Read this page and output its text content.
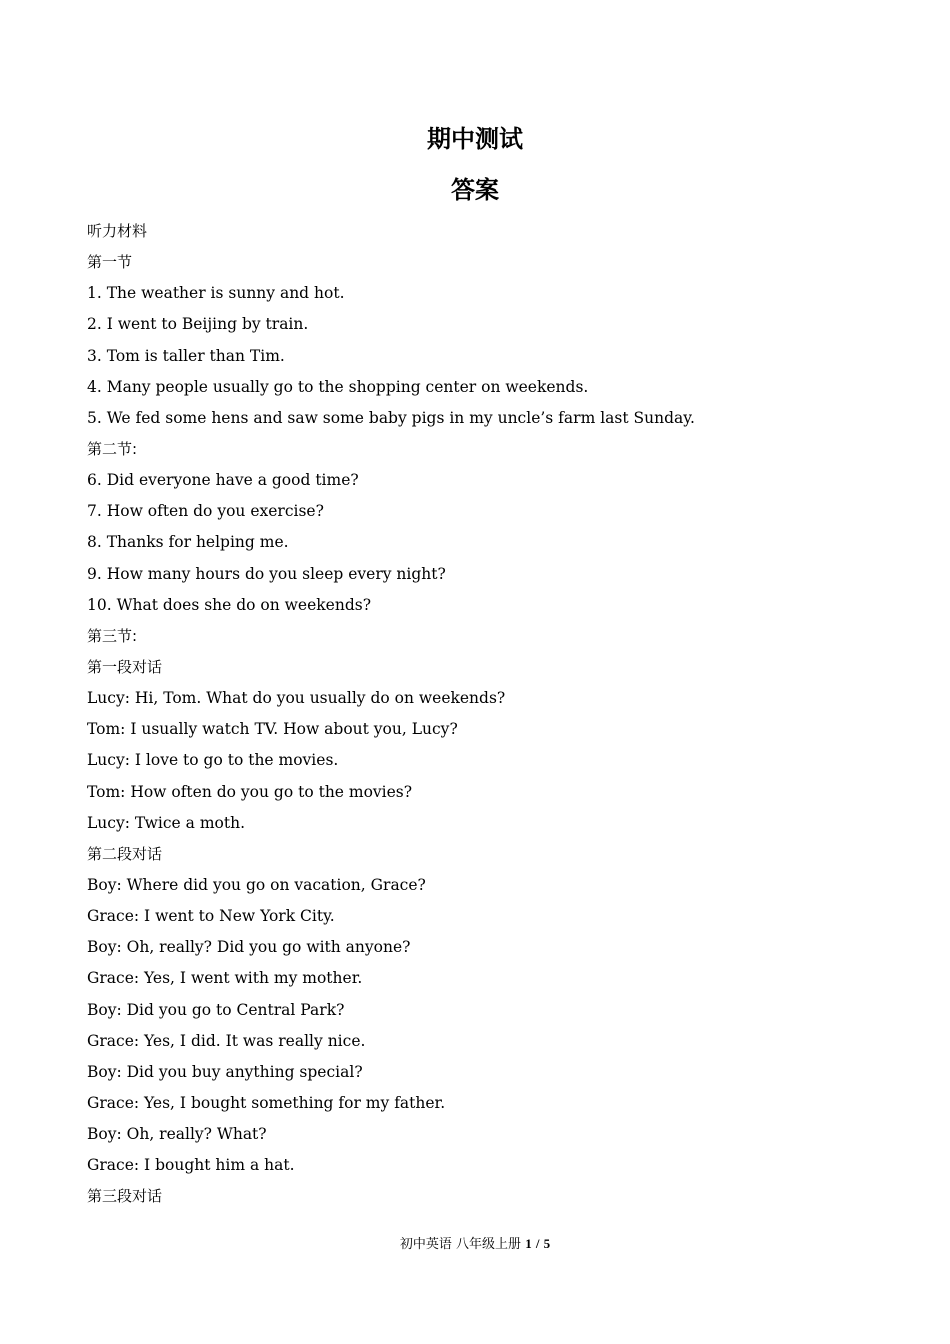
期中测试
答案
听力材料
第一节
1. The weather is sunny and hot.
2. I went to Beijing by train.
3. Tom is taller than Tim.
4. Many people usually go to the shopping center on weekends.
5. We fed some hens and saw some baby pigs in my uncle’s farm last Sunday.
第二节:
6. Did everyone have a good time?
7. How often do you exercise?
8. Thanks for helping me.
9. How many hours do you sleep every night?
10. What does she do on weekends?
第三节:
第一段对话
Lucy: Hi, Tom. What do you usually do on weekends?
Tom: I usually watch TV. How about you, Lucy?
Lucy: I love to go to the movies.
Tom: How often do you go to the movies?
Lucy: Twice a moth.
第二段对话
Boy: Where did you go on vacation, Grace?
Grace: I went to New York City.
Boy: Oh, really? Did you go with anyone?
Grace: Yes, I went with my mother.
Boy: Did you go to Central Park?
Grace: Yes, I did. It was really nice.
Boy: Did you buy anything special?
Grace: Yes, I bought something for my father.
Boy: Oh, really? What?
Grace: I bought him a hat.
第三段对话
初中英语 八年级上册 1 / 5
